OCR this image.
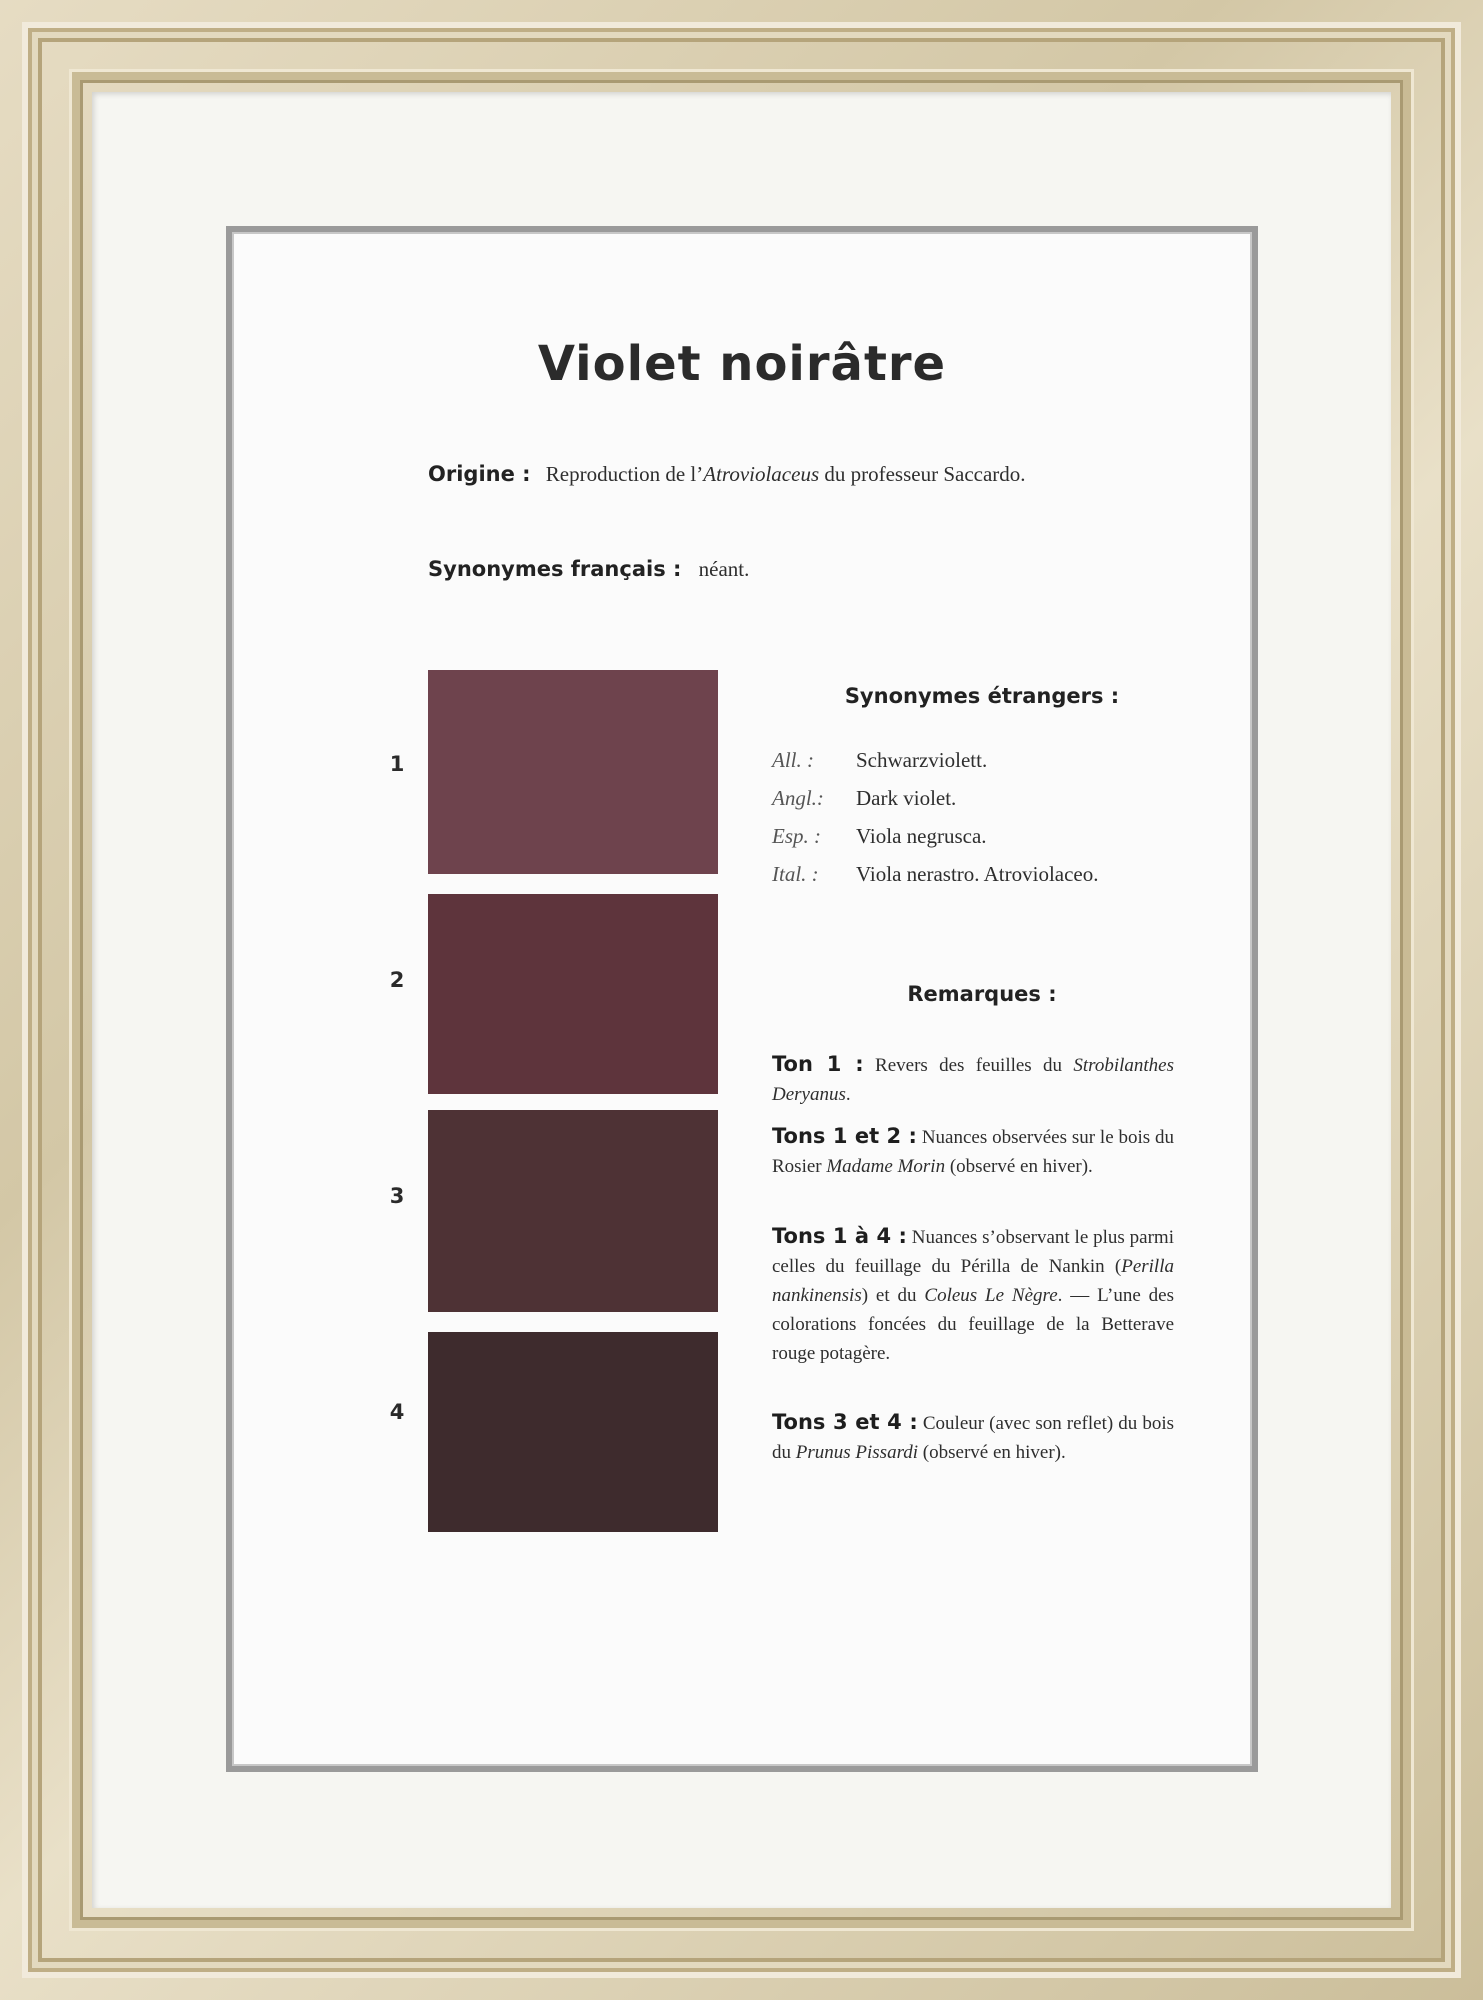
Violet noirâtre
Origine : Reproduction de l’Atroviolaceus du professeur Saccardo.
Synonymes français : néant.
1
2
3
4
Synonymes étrangers :
All. : Schwarzviolett.
Angl.: Dark violet.
Esp. : Viola negrusca.
Ital. : Viola nerastro. Atroviolaceo.
Remarques :

Ton 1 : Revers des feuilles du Strobilanthes Deryanus.

Tons 1 et 2 : Nuances observées sur le bois du Rosier Madame Morin (observé en hiver).

Tons 1 à 4 : Nuances s’observant le plus parmi celles du feuillage du Périlla de Nankin (Perilla nankinensis) et du Coleus Le Nègre. — L’une des colorations foncées du feuillage de la Betterave rouge potagère.

Tons 3 et 4 : Couleur (avec son reflet) du bois du Prunus Pissardi (observé en hiver).
